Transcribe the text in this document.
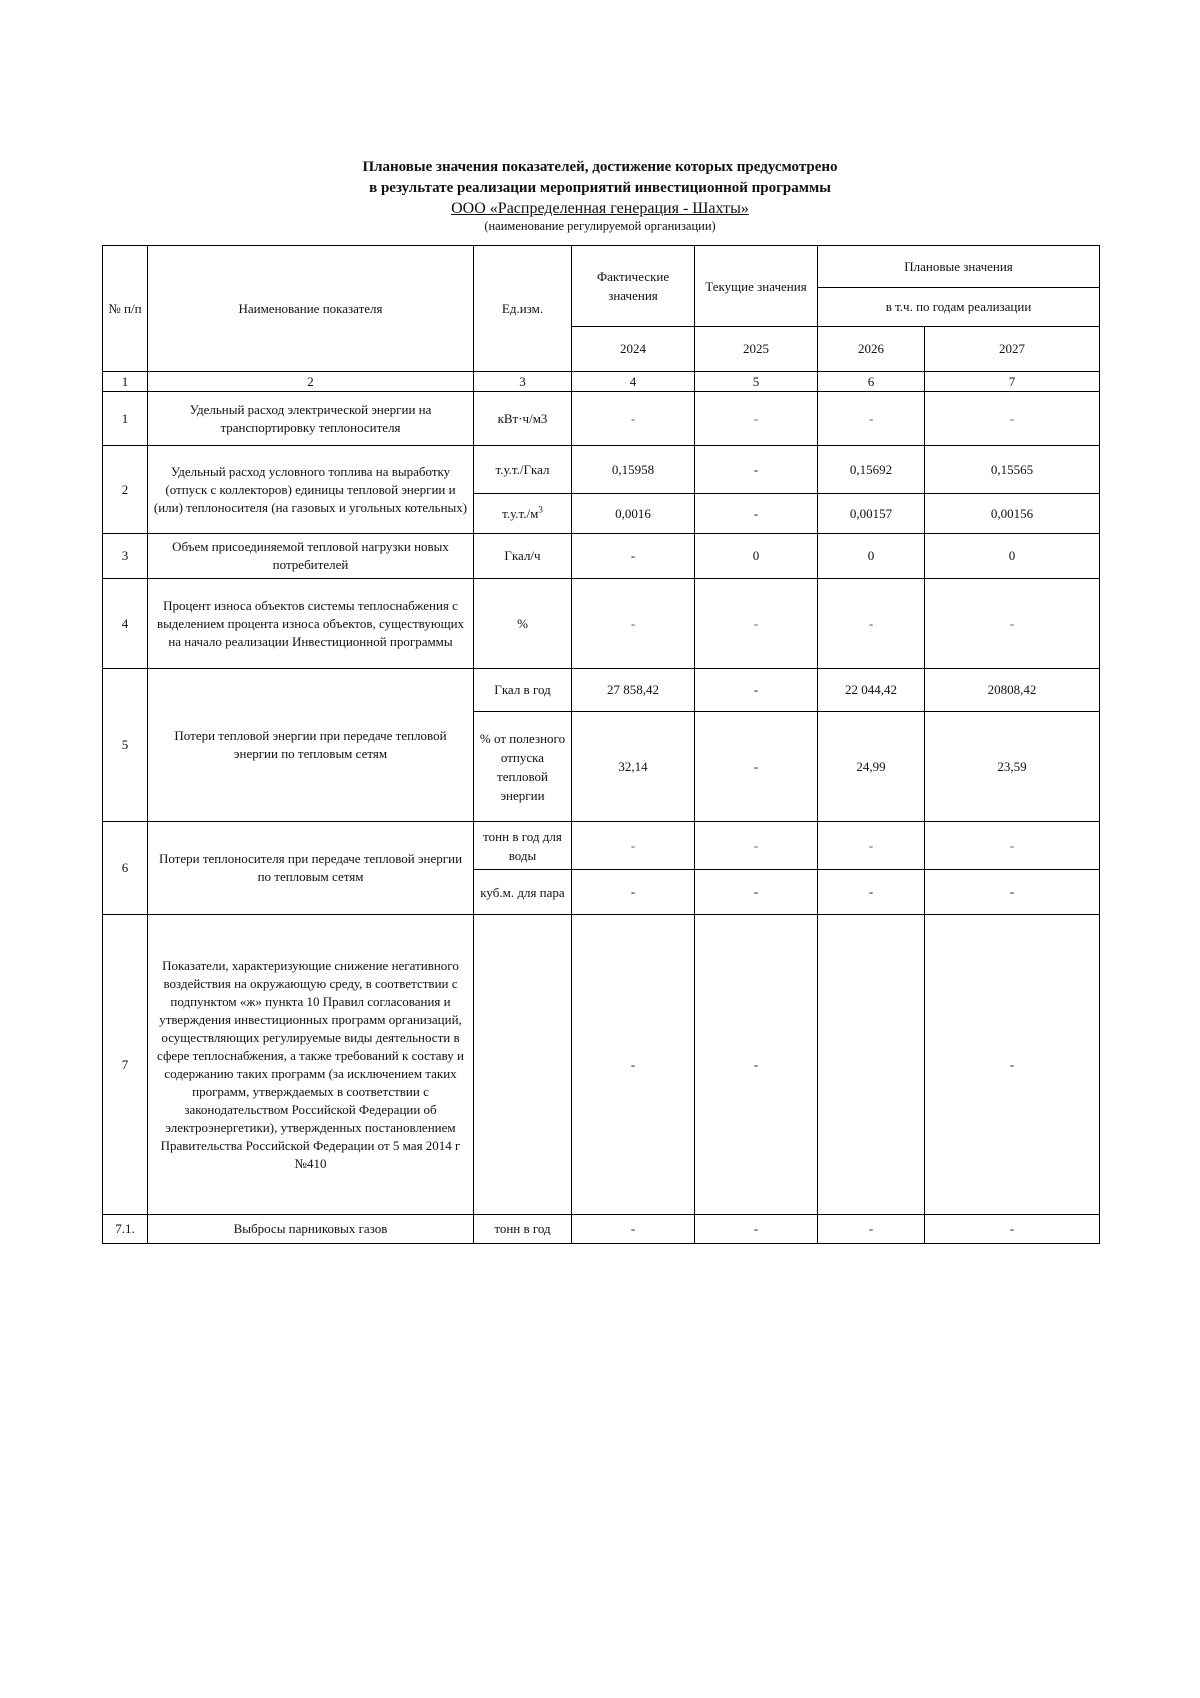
Плановые значения показателей, достижение которых предусмотрено
в результате реализации мероприятий инвестиционной программы
ООО «Распределенная генерация - Шахты»
(наименование регулируемой организации)
№ п/п	Наименование показателя	Ед.изм.	Фактические значения	Текущие значения	Плановые значения	
					в т.ч. по годам реализации	
			2024	2025	2026	2027
1	2	3	4	5	6	7
1	Удельный расход электрической энергии на транспортировку теплоносителя	кВт·ч/м3	-	-	-	-
2	Удельный расход условного топлива на выработку (отпуск с коллекторов) единицы тепловой энергии и (или) теплоносителя (на газовых и угольных котельных)	т.у.т./Гкал	0,15958	-	0,15692	0,15565
		$т.у.т./м^3$	0,0016	-	0,00157	0,00156
3	Объем присоединяемой тепловой нагрузки новых потребителей	Гкал/ч	-	0	0	0
4	Процент износа объектов системы теплоснабжения с выделением процента износа объектов, существующих на начало реализации Инвестиционной программы	%	-	-	-	-
5	Потери тепловой энергии при передаче тепловой энергии по тепловым сетям	Гкал в год	27 858,42	-	22 044,42	20808,42
		% от полезного отпуска тепловой энергии	32,14	-	24,99	23,59
6	Потери теплоносителя при передаче тепловой энергии по тепловым сетям	тонн в год для воды	-	-	-	-
		куб.м. для пара	-	-	-	-
7	Показатели, характеризующие снижение негативного воздействия на окружающую среду, в соответствии с подпунктом «ж» пункта 10 Правил согласования и утверждения инвестиционных программ организаций, осуществляющих регулируемые виды деятельности в сфере теплоснабжения, а также требований к составу и содержанию таких программ (за исключением таких программ, утверждаемых в соответствии с законодательством Российской Федерации об электроэнергетики), утвержденных постановлением Правительства Российской Федерации от 5 мая 2014 г №410		-	-		-
7.1.	Выбросы парниковых газов	тонн в год	-	-	-	-
